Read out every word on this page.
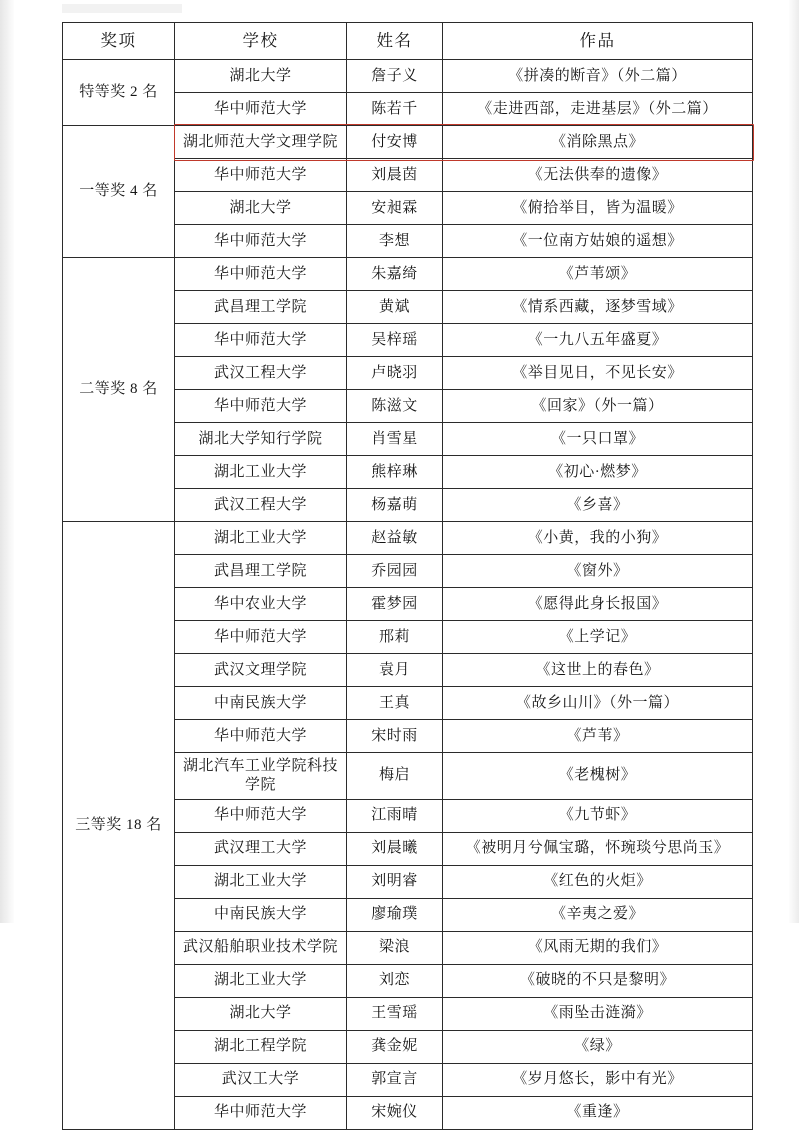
奖项	学校	姓名	作品
特等奖 2 名	湖北大学	詹子义	《拼凑的断音》（外二篇）
	华中师范大学	陈若千	《走进西部，走进基层》（外二篇）
一等奖 4 名	湖北师范大学文理学院	付安博	《消除黑点》
	华中师范大学	刘晨茵	《无法供奉的遗像》
	湖北大学	安昶霖	《俯拾举目，皆为温暖》
	华中师范大学	李想	《一位南方姑娘的遥想》
二等奖 8 名	华中师范大学	朱嘉绮	《芦苇颂》
	武昌理工学院	黄斌	《情系西藏，逐梦雪域》
	华中师范大学	吴梓瑶	《一九八五年盛夏》
	武汉工程大学	卢晓羽	《举目见日，不见长安》
	华中师范大学	陈滋文	《回家》（外一篇）
	湖北大学知行学院	肖雪星	《一只口罩》
	湖北工业大学	熊梓琳	《初心·燃梦》
	武汉工程大学	杨嘉萌	《乡喜》
三等奖 18 名	湖北工业大学	赵益敏	《小黄，我的小狗》
	武昌理工学院	乔园园	《窗外》
	华中农业大学	霍梦园	《愿得此身长报国》
	华中师范大学	邢莉	《上学记》
	武汉文理学院	袁月	《这世上的春色》
	中南民族大学	王真	《故乡山川》（外一篇）
	华中师范大学	宋时雨	《芦苇》
	湖北汽车工业学院科技学院	梅启	《老槐树》
	华中师范大学	江雨晴	《九节虾》
	武汉理工大学	刘晨曦	《被明月兮佩宝璐，怀琬琰兮思尚玉》
	湖北工业大学	刘明睿	《红色的火炬》
	中南民族大学	廖瑜璞	《辛夷之爱》
	武汉船舶职业技术学院	梁浪	《风雨无期的我们》
	湖北工业大学	刘恋	《破晓的不只是黎明》
	湖北大学	王雪瑶	《雨坠击涟漪》
	湖北工程学院	龚金妮	《绿》
	武汉工大学	郭宣言	《岁月悠长，影中有光》
	华中师范大学	宋婉仪	《重逢》
